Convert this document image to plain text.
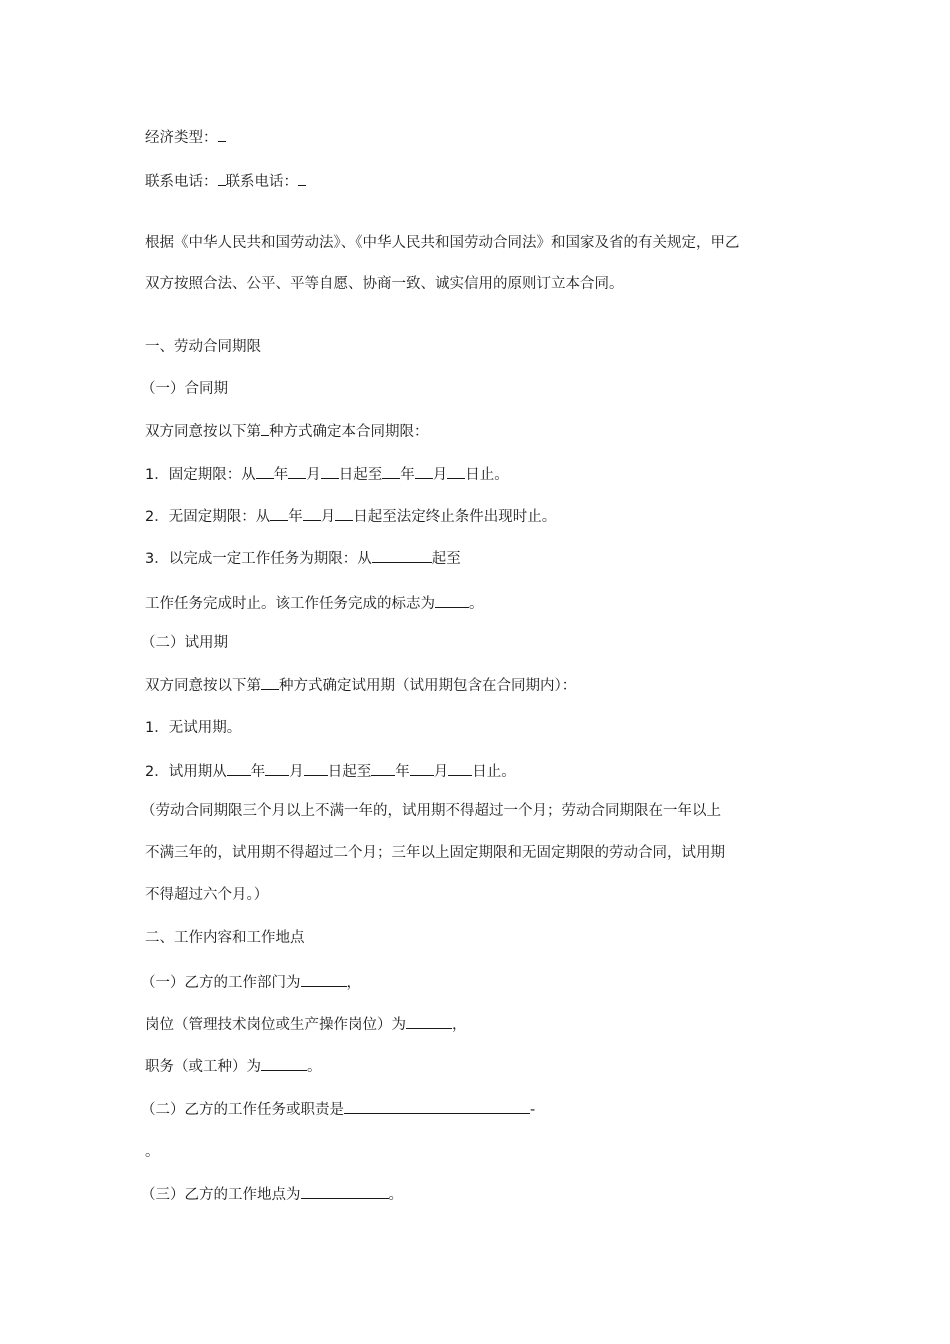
经济类型：
联系电话： 联系电话：
根据《中华人民共和国劳动法》、《中华人民共和国劳动合同法》和国家及省的有关规定，甲乙
双方按照合法、公平、平等自愿、协商一致、诚实信用的原则订立本合同。
一、劳动合同期限
（一）合同期
双方同意按以下第 种方式确定本合同期限：
1．固定期限：从 年 月 日起至 年 月 日止。
2．无固定期限：从 年 月 日起至法定终止条件出现时止。
3．以完成一定工作任务为期限：从	起至
工作任务完成时止。该工作任务完成的标志为 。
（二）试用期
双方同意按以下第 种方式确定试用期（试用期包含在合同期内）：
1．无试用期。
2．试用期从 年 月 日起至 年 月 日止。
（劳动合同期限三个月以上不满一年的，试用期不得超过一个月；劳动合同期限在一年以上
不满三年的，试用期不得超过二个月；三年以上固定期限和无固定期限的劳动合同，试用期
不得超过六个月。）
二、工作内容和工作地点
（一）乙方的工作部门为	，
岗位（管理技术岗位或生产操作岗位）为	，
职务（或工种）为	。
（二）乙方的工作任务或职责是	-
。
（三）乙方的工作地点为	。
